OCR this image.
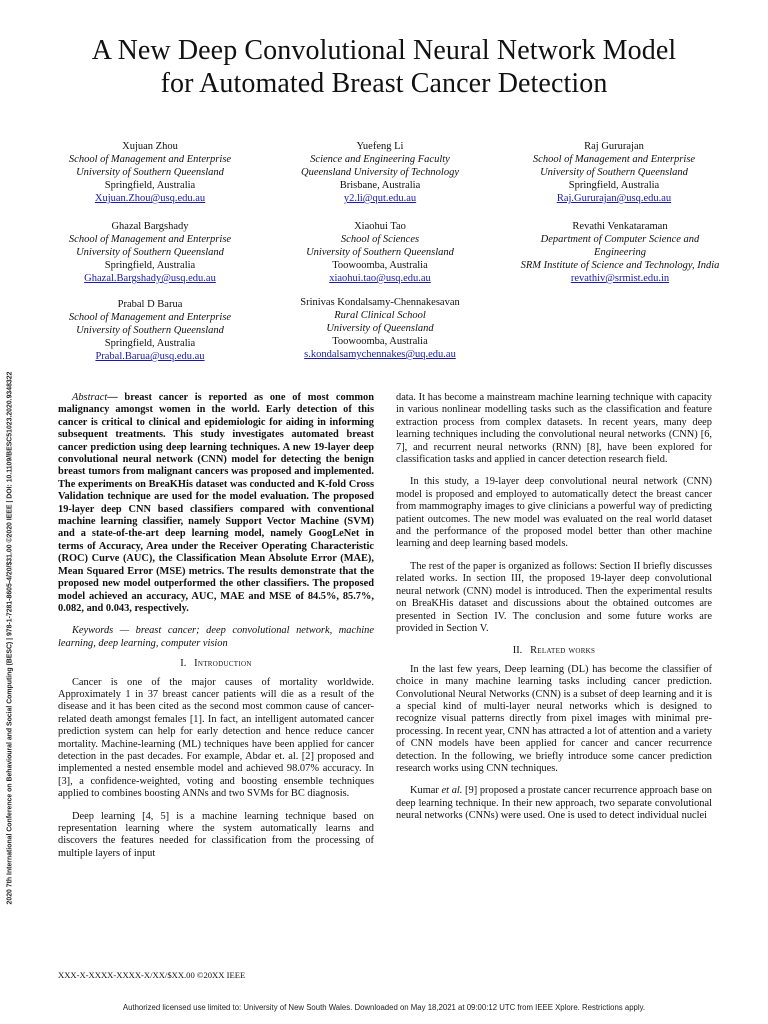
A New Deep Convolutional Neural Network Model
for Automated Breast Cancer Detection
Xujuan Zhou
School of Management and Enterprise
University of Southern Queensland
Springfield, Australia
Xujuan.Zhou@usq.edu.au
Yuefeng Li
Science and Engineering Faculty
Queensland University of Technology
Brisbane, Australia
y2.li@qut.edu.au
Raj Gururajan
School of Management and Enterprise
University of Southern Queensland
Springfield, Australia
Raj.Gururajan@usq.edu.au
Ghazal Bargshady
School of Management and Enterprise
University of Southern Queensland
Springfield, Australia
Ghazal.Bargshady@usq.edu.au
Xiaohui Tao
School of Sciences
University of Southern Queensland
Toowoomba, Australia
xiaohui.tao@usq.edu.au
Revathi Venkataraman
Department of Computer Science and Engineering
SRM Institute of Science and Technology, India
revathiv@srmist.edu.in
Prabal D Barua
School of Management and Enterprise
University of Southern Queensland
Springfield, Australia
Prabal.Barua@usq.edu.au
Srinivas Kondalsamy-Chennakesavan
Rural Clinical School
University of Queensland
Toowoomba, Australia
s.kondalsamychennakes@uq.edu.au

Abstract— breast cancer is reported as one of most common malignancy amongst women in the world. Early detection of this cancer is critical to clinical and epidemiologic for aiding in informing subsequent treatments. This study investigates automated breast cancer prediction using deep learning techniques. A new 19-layer deep convolutional neural network (CNN) model for detecting the benign breast tumors from malignant cancers was proposed and implemented. The experiments on BreaKHis dataset was conducted and K-fold Cross Validation technique are used for the model evaluation. The proposed 19-layer deep CNN based classifiers compared with conventional machine learning classifier, namely Support Vector Machine (SVM) and a state-of-the-art deep learning model, namely GoogLeNet in terms of Accuracy, Area under the Receiver Operating Characteristic (ROC) Curve (AUC), the Classification Mean Absolute Error (MAE), Mean Squared Error (MSE) metrics. The results demonstrate that the proposed new model outperformed the other classifiers. The proposed model achieved an accuracy, AUC, MAE and MSE of 84.5%, 85.7%, 0.082, and 0.043, respectively.

Keywords — breast cancer; deep convolutional network, machine learning, deep learning, computer vision

I. Introduction

Cancer is one of the major causes of mortality worldwide. Approximately 1 in 37 breast cancer patients will die as a result of the disease and it has been cited as the second most common cause of cancer-related death amongst females [1]. In fact, an intelligent automated cancer prediction system can help for early detection and hence reduce cancer mortality. Machine-learning (ML) techniques have been applied for cancer detection in the past decades. For example, Abdar et. al. [2] proposed and implemented a nested ensemble model and achieved 98.07% accuracy. In [3], a confidence-weighted, voting and boosting ensemble techniques applied to combines boosting ANNs and two SVMs for BC diagnosis.

Deep learning [4, 5] is a machine learning technique based on representation learning where the system automatically learns and discovers the features needed for classification from the processing of multiple layers of input

data. It has become a mainstream machine learning technique with capacity in various nonlinear modelling tasks such as the classification and feature extraction process from complex datasets. In recent years, many deep learning techniques including the convolutional neural networks (CNN) [6, 7], and recurrent neural networks (RNN) [8], have been explored for classification tasks and applied in cancer detection research field.

In this study, a 19-layer deep convolutional neural network (CNN) model is proposed and employed to automatically detect the breast cancer from mammography images to give clinicians a powerful way of predicting patient outcomes. The new model was evaluated on the real world dataset and the performance of the proposed model better than other machine learning and deep learning based models.

The rest of the paper is organized as follows: Section II briefly discusses related works. In section III, the proposed 19-layer deep convolutional neural network (CNN) model is introduced. Then the experimental results on BreaKHis dataset and discussions about the obtained outcomes are presented in Section IV. The conclusion and some future works are provided in Section V.

II. Related works

In the last few years, Deep learning (DL) has become the classifier of choice in many machine learning tasks including cancer prediction. Convolutional Neural Networks (CNN) is a subset of deep learning and it is a special kind of multi-layer neural networks which is designed to recognize visual patterns directly from pixel images with minimal pre-processing. In recent year, CNN has attracted a lot of attention and a variety of CNN models have been applied for cancer and cancer recurrence detection. In the following, we briefly introduce some cancer prediction research works using CNN techniques.

Kumar et al. [9] proposed a prostate cancer recurrence approach base on deep learning technique. In their new approach, two separate convolutional neural networks (CNNs) were used. One is used to detect individual nuclei

2020 7th International Conference on Behavioural and Social Computing (BESC) | 978-1-7281-8605-4/20/$31.00 ©2020 IEEE | DOI: 10.1109/BESC51023.2020.9348322
XXX-X-XXXX-XXXX-X/XX/$XX.00 ©20XX IEEE
Authorized licensed use limited to: University of New South Wales. Downloaded on May 18,2021 at 09:00:12 UTC from IEEE Xplore. Restrictions apply.
